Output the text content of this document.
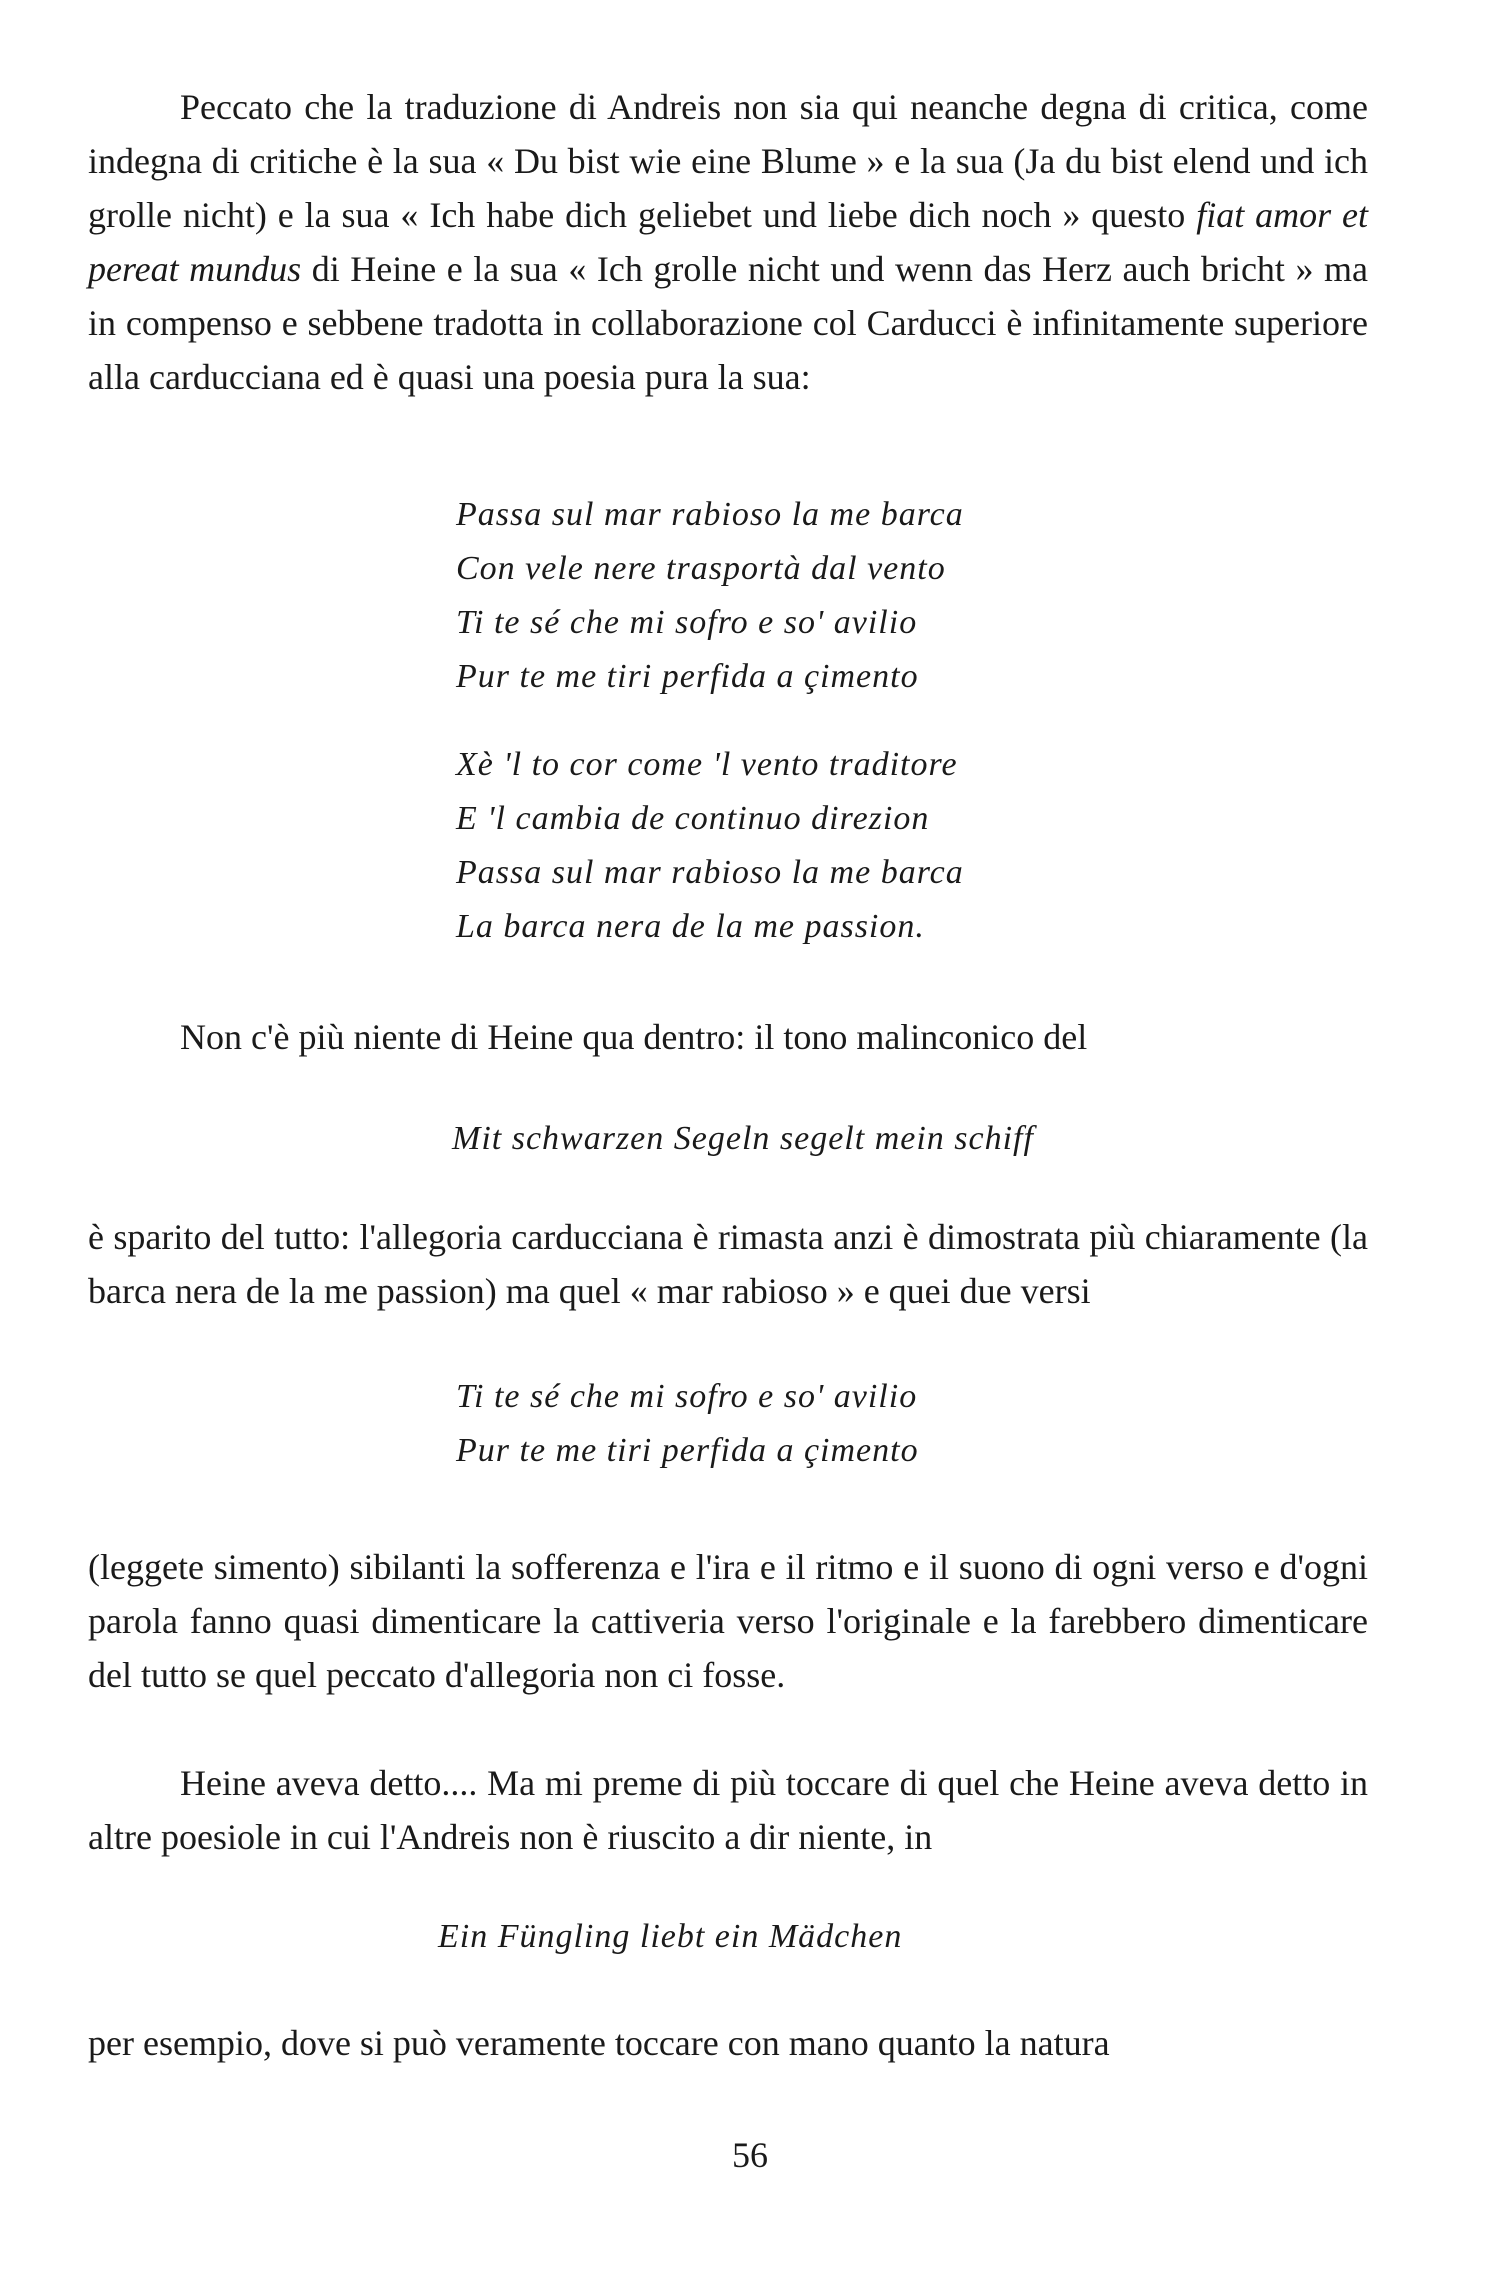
Peccato che la traduzione di Andreis non sia qui neanche degna di critica, come indegna di critiche è la sua « Du bist wie eine Blume » e la sua (Ja du bist elend und ich grolle nicht) e la sua « Ich habe dich geliebet und liebe dich noch » questo fiat amor et pereat mundus di Heine e la sua « Ich grolle nicht und wenn das Herz auch bricht » ma in compenso e sebbene tradotta in collaborazione col Carducci è infinitamente superiore alla carducciana ed è quasi una poesia pura la sua:

Passa sul mar rabioso la me barca
Con vele nere trasportà dal vento
Ti te sé che mi sofro e so' avilio
Pur te me tiri perfida a çimento
Xè 'l to cor come 'l vento traditore
E 'l cambia de continuo direzion
Passa sul mar rabioso la me barca
La barca nera de la me passion.

Non c'è più niente di Heine qua dentro: il tono malinconico del

Mit schwarzen Segeln segelt mein schiff

è sparito del tutto: l'allegoria carducciana è rimasta anzi è dimostrata più chiaramente (la barca nera de la me passion) ma quel « mar rabioso » e quei due versi

Ti te sé che mi sofro e so' avilio
Pur te me tiri perfida a çimento

(leggete simento) sibilanti la sofferenza e l'ira e il ritmo e il suono di ogni verso e d'ogni parola fanno quasi dimenticare la cattiveria verso l'originale e la farebbero dimenticare del tutto se quel peccato d'allegoria non ci fosse.

Heine aveva detto.... Ma mi preme di più toccare di quel che Heine aveva detto in altre poesiole in cui l'Andreis non è riuscito a dir niente, in

Ein Füngling liebt ein Mädchen

per esempio, dove si può veramente toccare con mano quanto la natura

56
